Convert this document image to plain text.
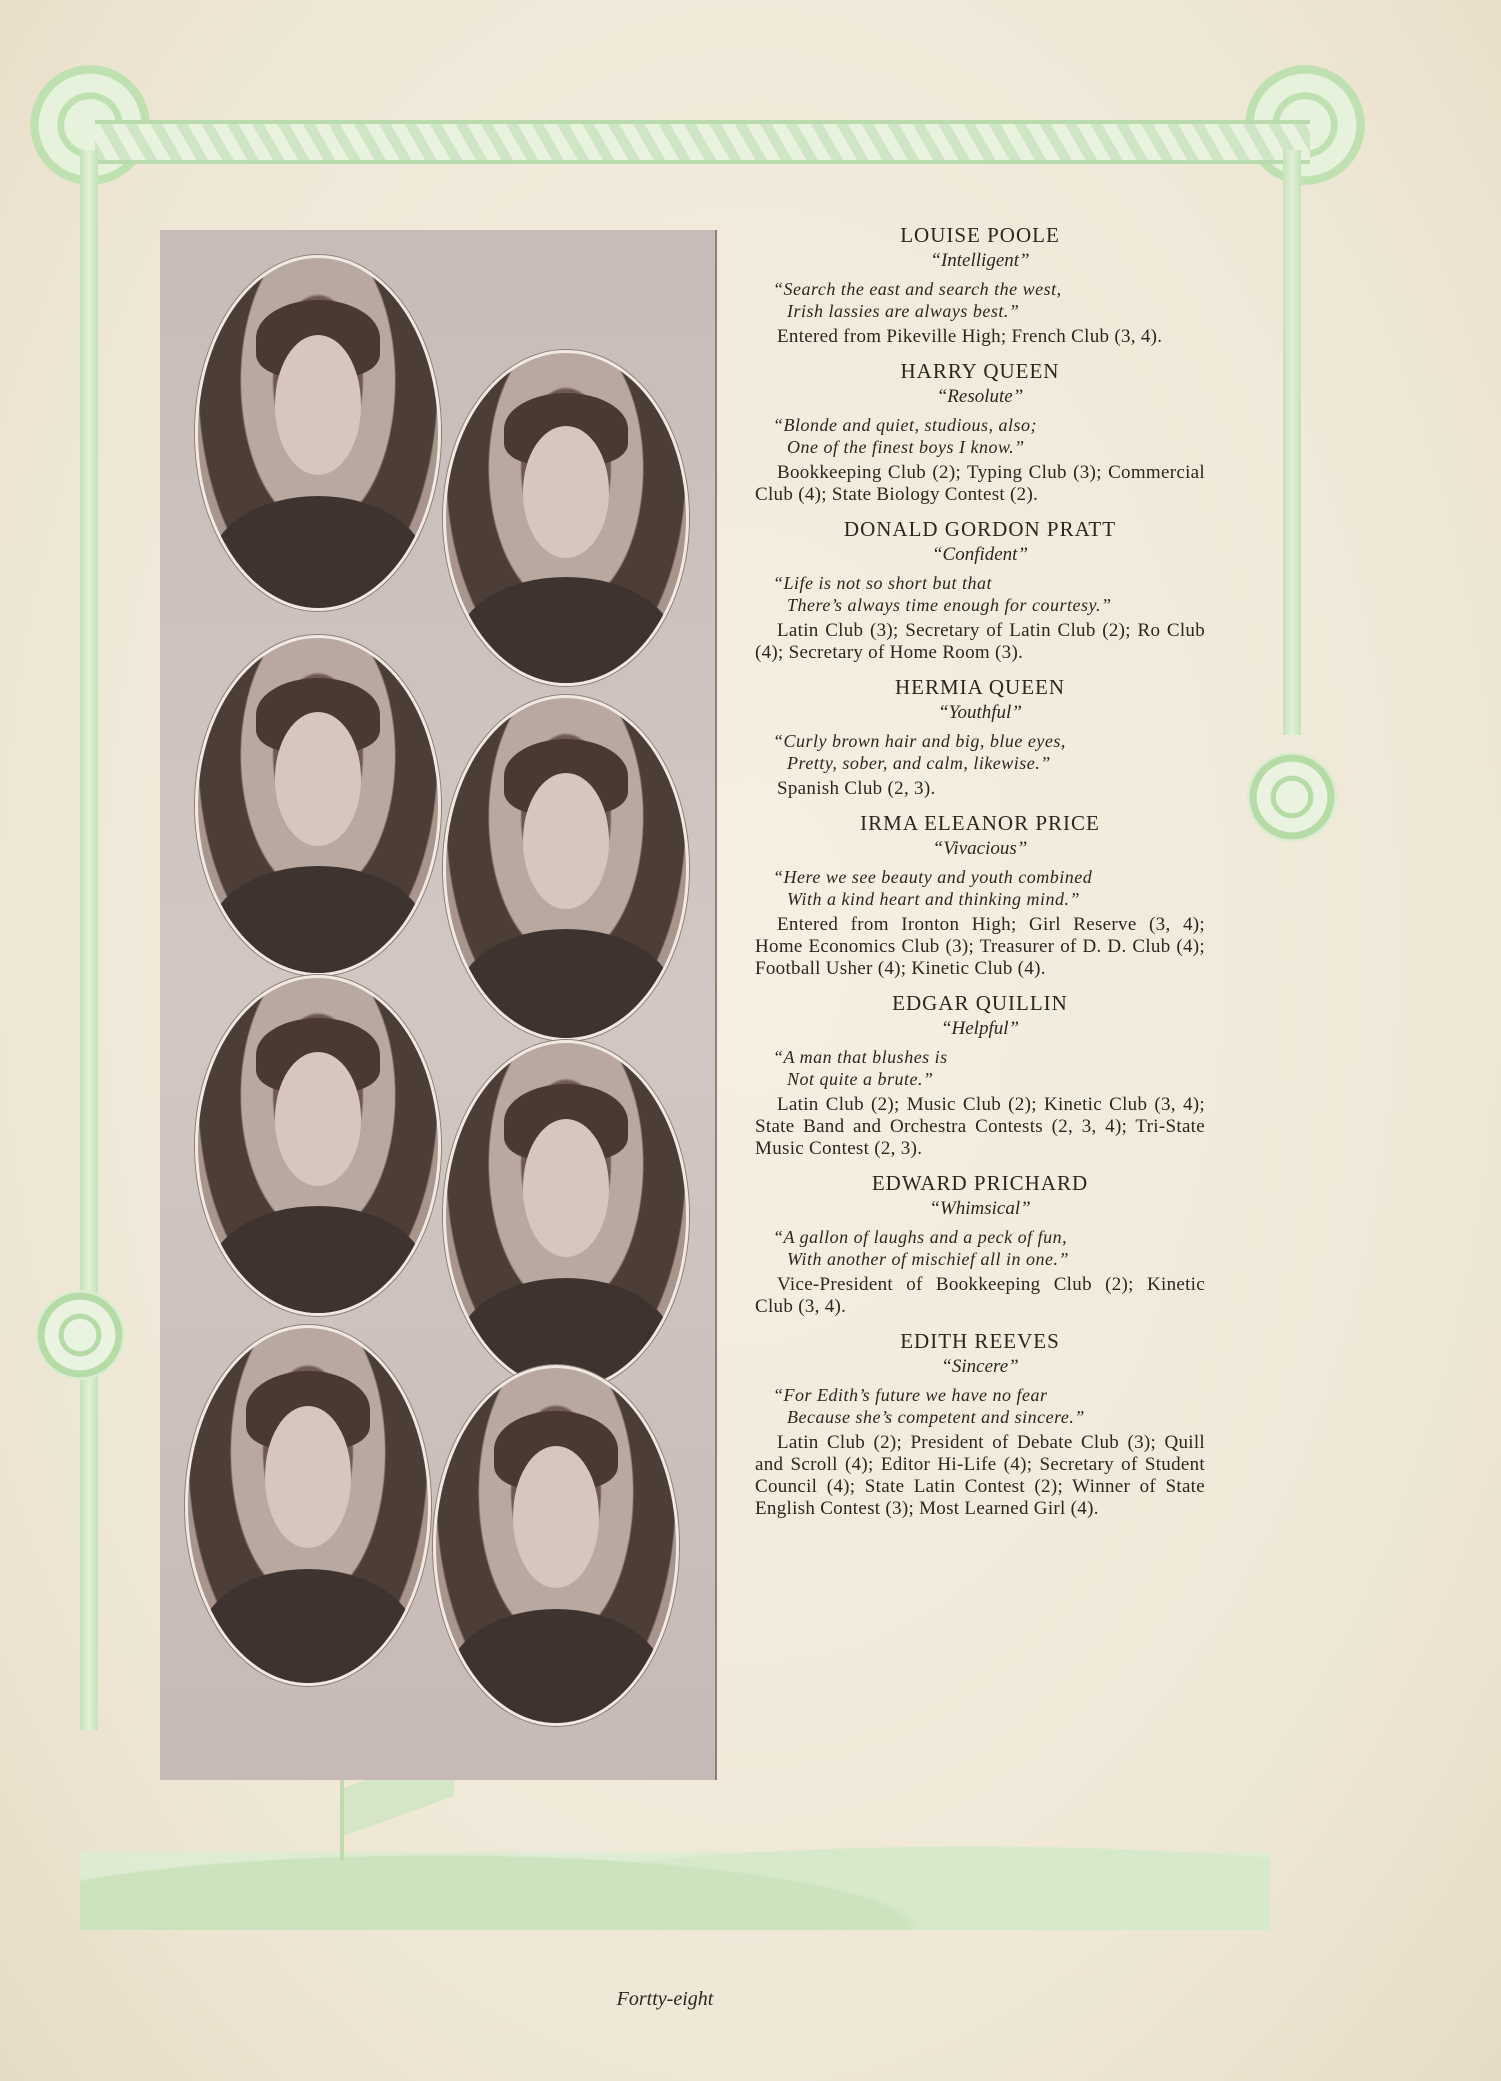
LOUISE POOLE

“Intelligent”

“Search the east and search the west,
Irish lassies are always best.”

Entered from Pikeville High; French Club (3, 4).

HARRY QUEEN

“Resolute”

“Blonde and quiet, studious, also;
One of the finest boys I know.”

Bookkeeping Club (2); Typing Club (3); Commercial Club (4); State Biology Contest (2).

DONALD GORDON PRATT

“Confident”

“Life is not so short but that
There’s always time enough for courtesy.”

Latin Club (3); Secretary of Latin Club (2); Ro Club (4); Secretary of Home Room (3).

HERMIA QUEEN

“Youthful”

“Curly brown hair and big, blue eyes,
Pretty, sober, and calm, likewise.”

Spanish Club (2, 3).

IRMA ELEANOR PRICE

“Vivacious”

“Here we see beauty and youth combined
With a kind heart and thinking mind.”

Entered from Ironton High; Girl Reserve (3, 4); Home Economics Club (3); Treasurer of D. D. Club (4); Football Usher (4); Kinetic Club (4).

EDGAR QUILLIN

“Helpful”

“A man that blushes is
Not quite a brute.”

Latin Club (2); Music Club (2); Kinetic Club (3, 4); State Band and Orchestra Contests (2, 3, 4); Tri-State Music Contest (2, 3).

EDWARD PRICHARD

“Whimsical”

“A gallon of laughs and a peck of fun,
With another of mischief all in one.”

Vice-President of Bookkeeping Club (2); Kinetic Club (3, 4).

EDITH REEVES

“Sincere”

“For Edith’s future we have no fear
Because she’s competent and sincere.”

Latin Club (2); President of Debate Club (3); Quill and Scroll (4); Editor Hi-Life (4); Secretary of Student Council (4); State Latin Contest (2); Winner of State English Contest (3); Most Learned Girl (4).

Fortty-eight
